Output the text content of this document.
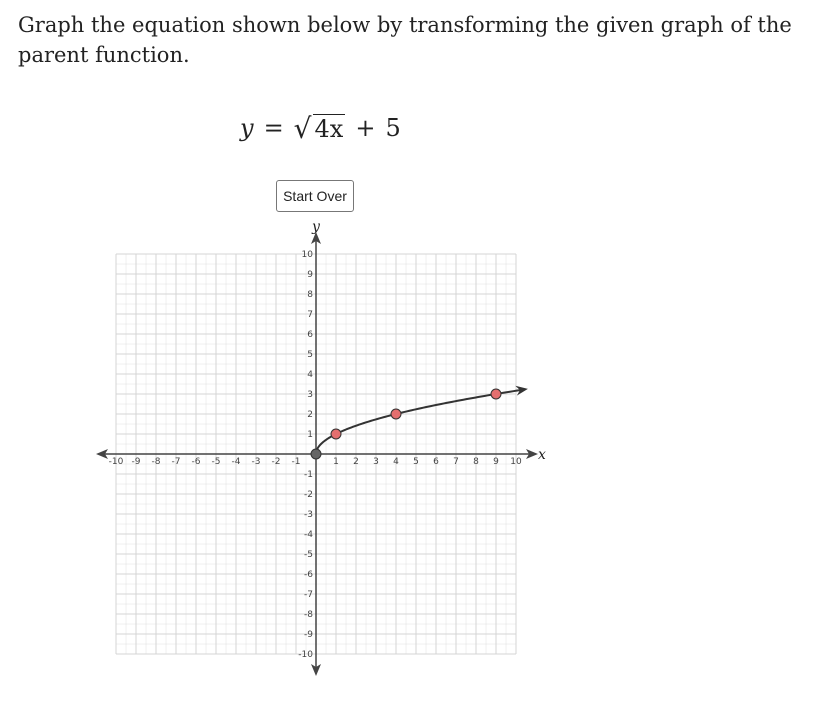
Graph the equation shown below by transforming the given graph of the parent function.
y = √ 4x + 5
Start Over
x
y
-10 -9 -8 -7 -6 -5 -4 -3 -2 -1	1 2 3 4 5 6 7 8 9 10
-10
-9
-8
-7
-6
-5
-4
-3
-2
-1
1
2
3
4
5
6
7
8
9
10
